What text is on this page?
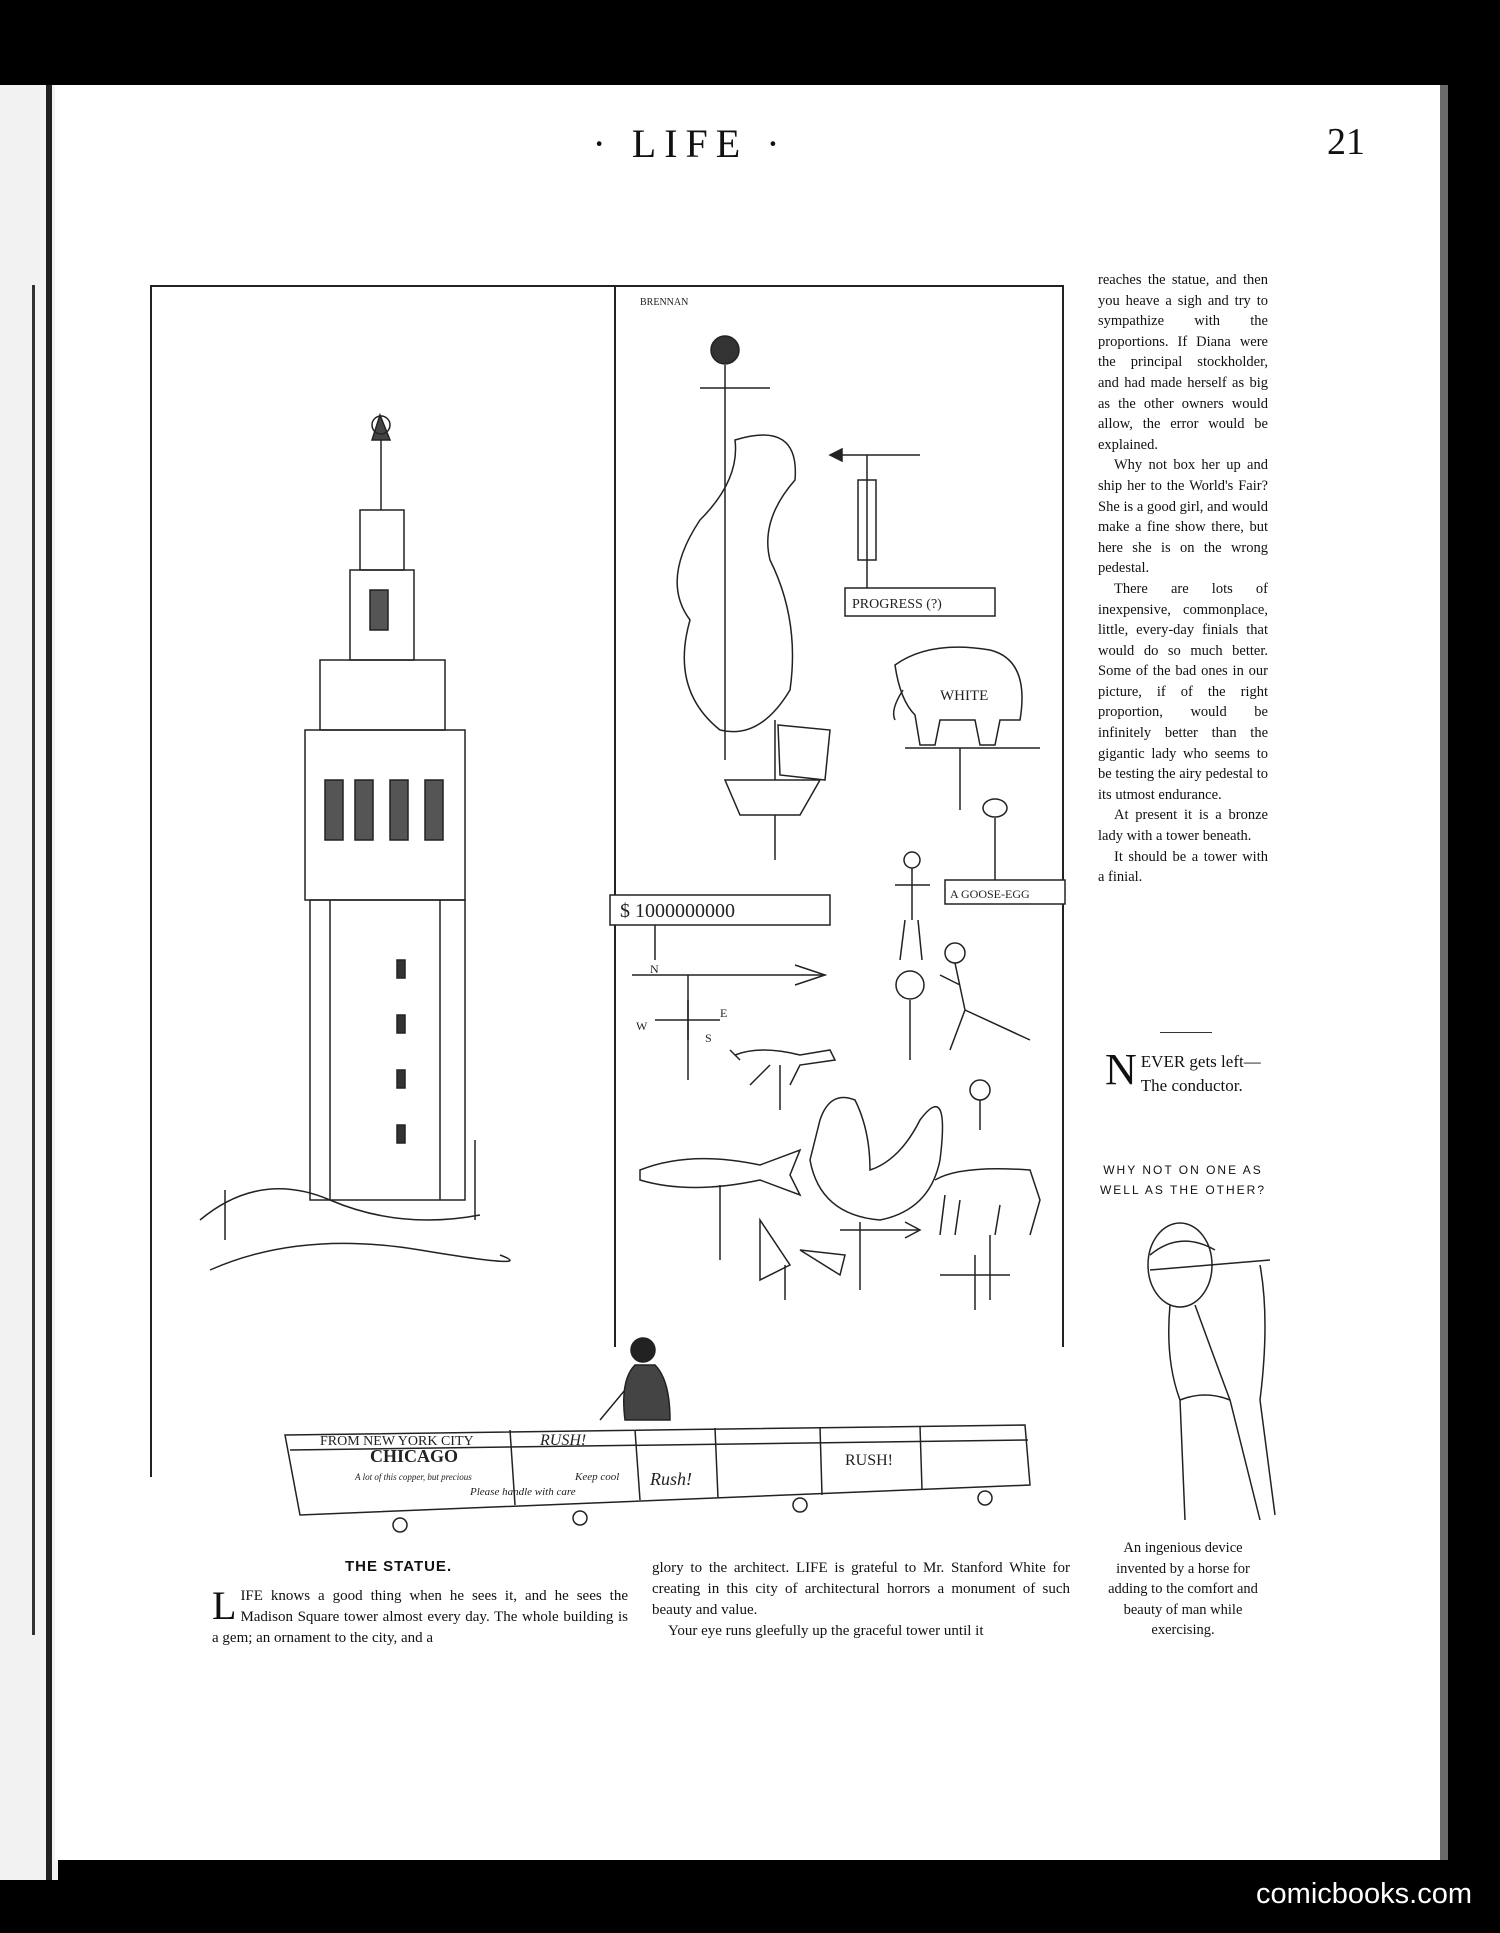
· LIFE ·	21
BRENNAN
PROGRESS (?)
WHITE
$ 1000000000
A GOOSE-EGG
N
E
W
S
FROM NEW YORK CITY
CHICAGO
RUSH!
Rush!
RUSH!
A lot of this copper, but precious
Please handle with care
Keep cool

reaches the statue, and then you heave a sigh and try to sympathize with the proportions. If Diana were the principal stockholder, and had made herself as big as the other owners would allow, the error would be explained.

Why not box her up and ship her to the World's Fair? She is a good girl, and would make a fine show there, but here she is on the wrong pedestal.

There are lots of inexpensive, commonplace, little, every-day finials that would do so much better. Some of the bad ones in our picture, if of the right proportion, would be infinitely better than the gigantic lady who seems to be testing the airy pedestal to its utmost endurance.

At present it is a bronze lady with a tower beneath.

It should be a tower with a finial.

N EVER gets left—The conductor.
WHY NOT ON ONE AS WELL AS THE OTHER?
An ingenious device invented by a horse for adding to the comfort and beauty of man while exercising.
THE STATUE.
L IFE knows a good thing when he sees it, and he sees the Madison Square tower almost every day. The whole building is a gem; an ornament to the city, and a

glory to the architect. LIFE is grateful to Mr. Stanford White for creating in this city of architectural horrors a monument of such beauty and value.

Your eye runs gleefully up the graceful tower until it

comicbooks.com
